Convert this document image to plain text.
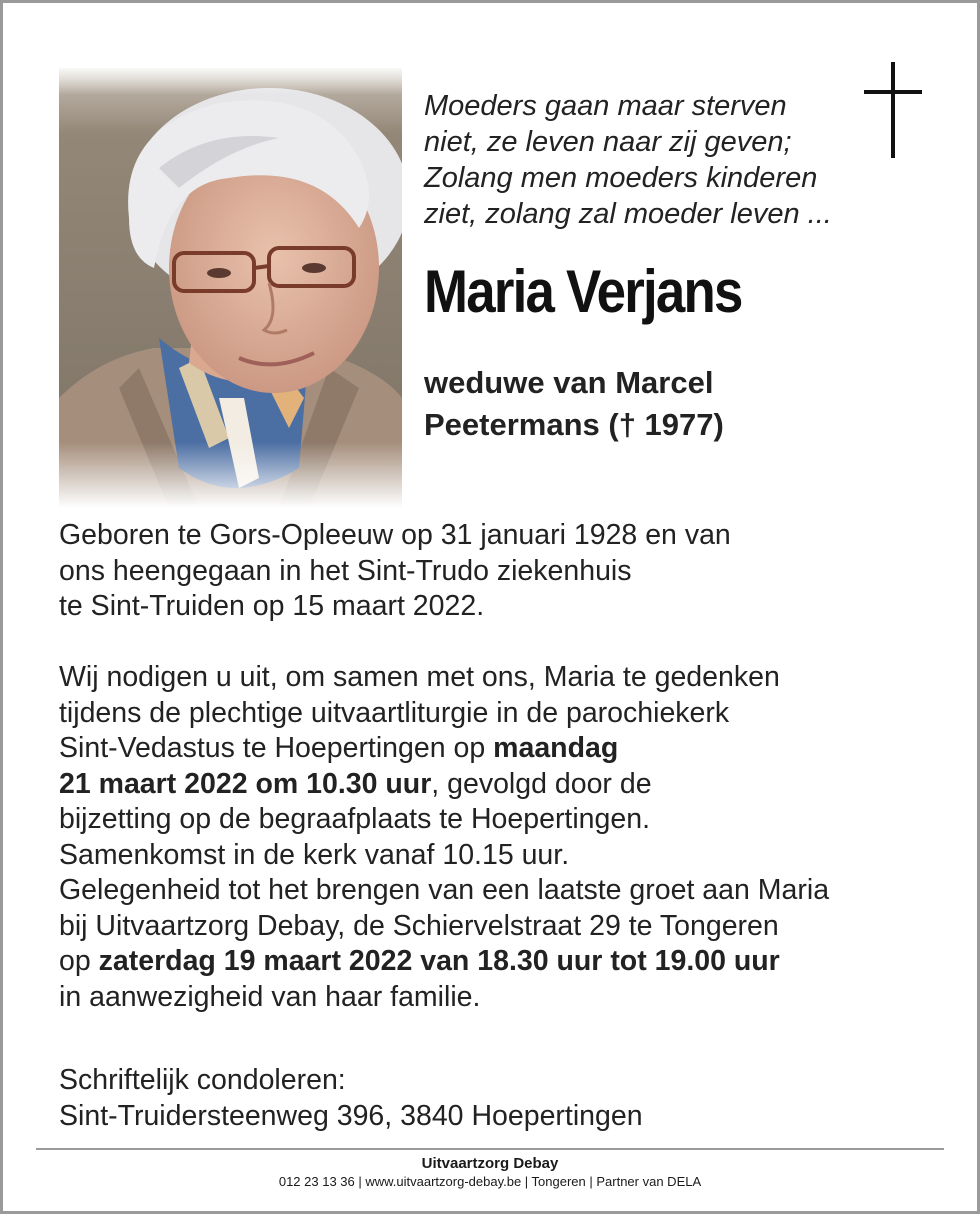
Moeders gaan maar sterven
niet, ze leven naar zij geven;
Zolang men moeders kinderen
ziet, zolang zal moeder leven ...
Maria Verjans
weduwe van Marcel
Peetermans († 1977)
Geboren te Gors-Opleeuw op 31 januari 1928 en van
ons heengegaan in het Sint-Trudo ziekenhuis
te Sint-Truiden op 15 maart 2022.
Wij nodigen u uit, om samen met ons, Maria te gedenken
tijdens de plechtige uitvaartliturgie in de parochiekerk
Sint-Vedastus te Hoepertingen op maandag
21 maart 2022 om 10.30 uur, gevolgd door de
bijzetting op de begraafplaats te Hoepertingen.
Samenkomst in de kerk vanaf 10.15 uur.
Gelegenheid tot het brengen van een laatste groet aan Maria
bij Uitvaartzorg Debay, de Schiervelstraat 29 te Tongeren
op zaterdag 19 maart 2022 van 18.30 uur tot 19.00 uur
in aanwezigheid van haar familie.
Schriftelijk condoleren:
Sint-Truidersteenweg 396, 3840 Hoepertingen
Uitvaartzorg Debay
012 23 13 36 | www.uitvaartzorg-debay.be | Tongeren | Partner van DELA
